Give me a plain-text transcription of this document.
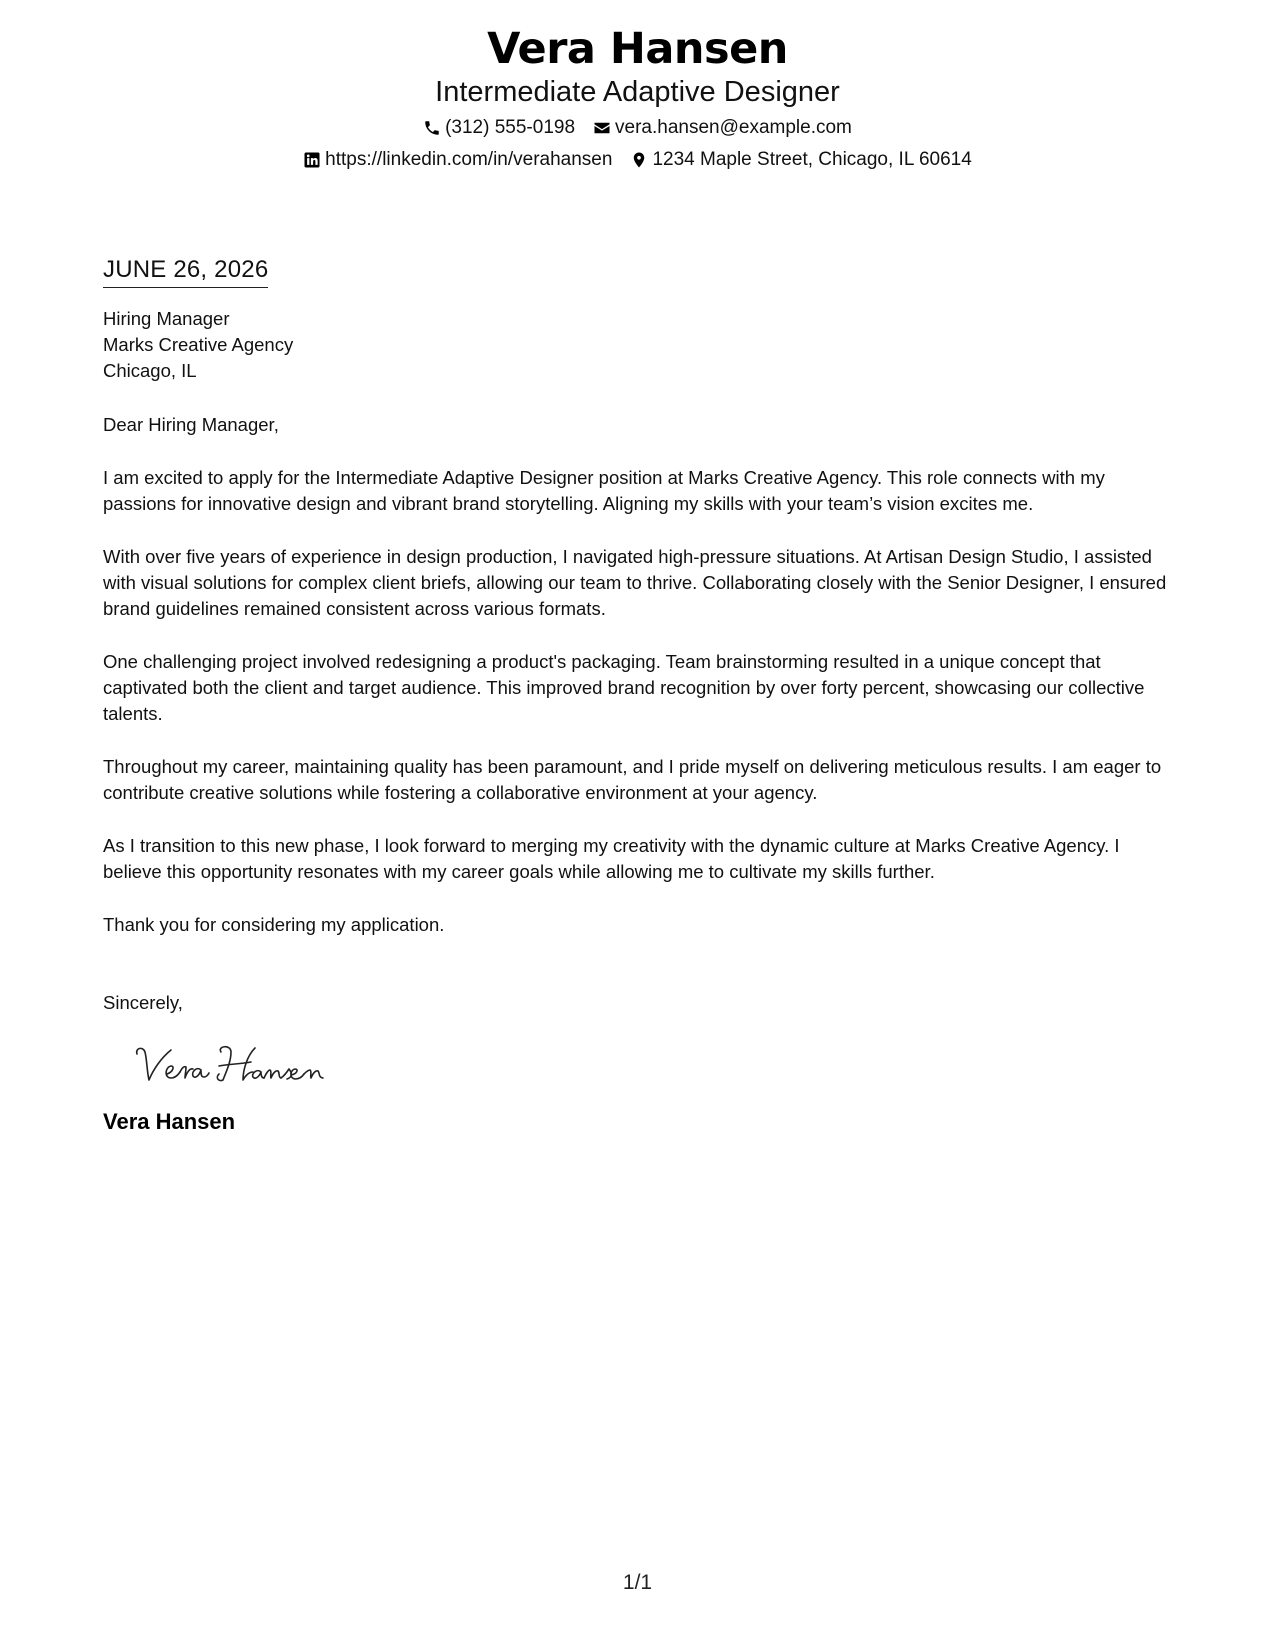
Vera Hansen
Intermediate Adaptive Designer
(312) 555-0198 vera.hansen@example.com
https://linkedin.com/in/verahansen 1234 Maple Street, Chicago, IL 60614
JUNE 26, 2026
Hiring Manager
Marks Creative Agency
Chicago, IL
Dear Hiring Manager,
I am excited to apply for the Intermediate Adaptive Designer position at Marks Creative Agency. This role connects with my passions for innovative design and vibrant brand storytelling. Aligning my skills with your team’s vision excites me.
With over five years of experience in design production, I navigated high-pressure situations. At Artisan Design Studio, I assisted with visual solutions for complex client briefs, allowing our team to thrive. Collaborating closely with the Senior Designer, I ensured brand guidelines remained consistent across various formats.
One challenging project involved redesigning a product's packaging. Team brainstorming resulted in a unique concept that captivated both the client and target audience. This improved brand recognition by over forty percent, showcasing our collective talents.
Throughout my career, maintaining quality has been paramount, and I pride myself on delivering meticulous results. I am eager to contribute creative solutions while fostering a collaborative environment at your agency.
As I transition to this new phase, I look forward to merging my creativity with the dynamic culture at Marks Creative Agency. I believe this opportunity resonates with my career goals while allowing me to cultivate my skills further.
Thank you for considering my application.
Sincerely,
Vera Hansen
1/1
